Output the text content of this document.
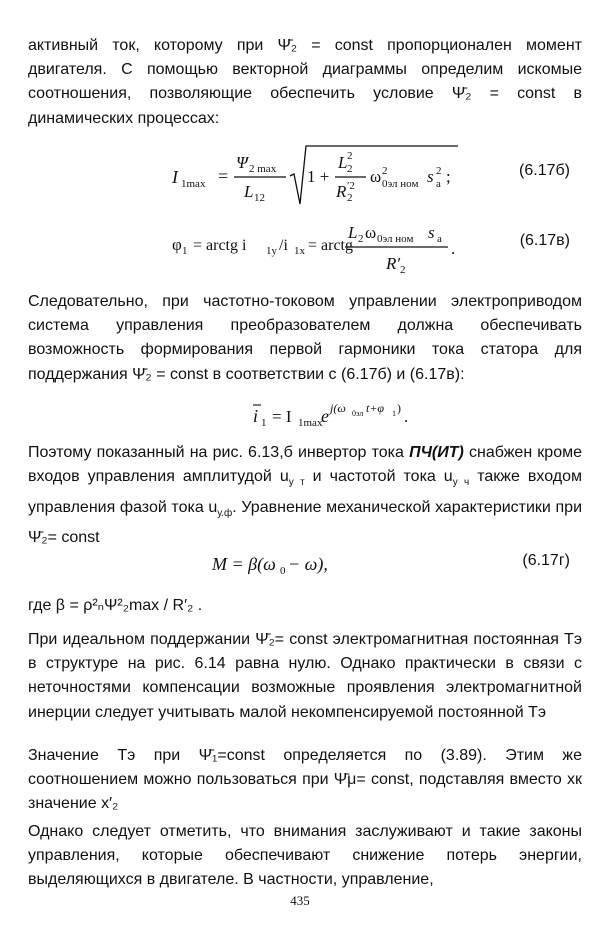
активный ток, которому при Ψ̄₂ = const пропорционален момент двигателя. С помощью векторной диаграммы определим искомые соотношения, позволяющие обеспечить условие Ψ̄₂ = const в динамических процессах:

I 1max =
Ψ 2 max
L 12
1 +
L 2
2
R ′2
2
ω 2
0эл ном s 2
a ;	(6.17б)
φ 1 = arctg i 1y /i 1x = arctg
L 2 ω 0эл ном s a
R′ 2
.	(6.17в)

Следовательно, при частотно-токовом управлении электроприводом система управления преобразователем должна обеспечивать возможность формирования первой гармоники тока статора для поддержания Ψ̄₂ = const в соответствии с (6.17б) и (6.17в):

i 1 = I 1max
e j(ω 0эл t+φ 1 ) .

Поэтому показанный на рис. 6.13,б инвертор тока ПЧ(ИТ) снабжен кроме входов управления амплитудой $u_{у т}$ и частотой тока $u_{у ч}$ также входом управления фазой тока $u_{у.ф}$. Уравнение механической характеристики при Ψ̄₂= const

M = β(ω 0 − ω),	(6.17г)

где β = ρ²ₙΨ²₂max / R′₂ .

При идеальном поддержании Ψ̄₂= const электромагнитная постоянная Tэ в структуре на рис. 6.14 равна нулю. Однако практически в связи с неточностями компенсации возможные проявления электромагнитной инерции следует учитывать малой некомпенсируемой постоянной Tэ

Значение Tэ при Ψ̄₁=const определяется по (3.89). Этим же соотношением можно пользоваться при Ψ̄μ= const, подставляя вместо xк значение x′₂

Однако следует отметить, что внимания заслуживают и такие законы управления, которые обеспечивают снижение потерь энергии, выделяющихся в двигателе. В частности, управление,

435
